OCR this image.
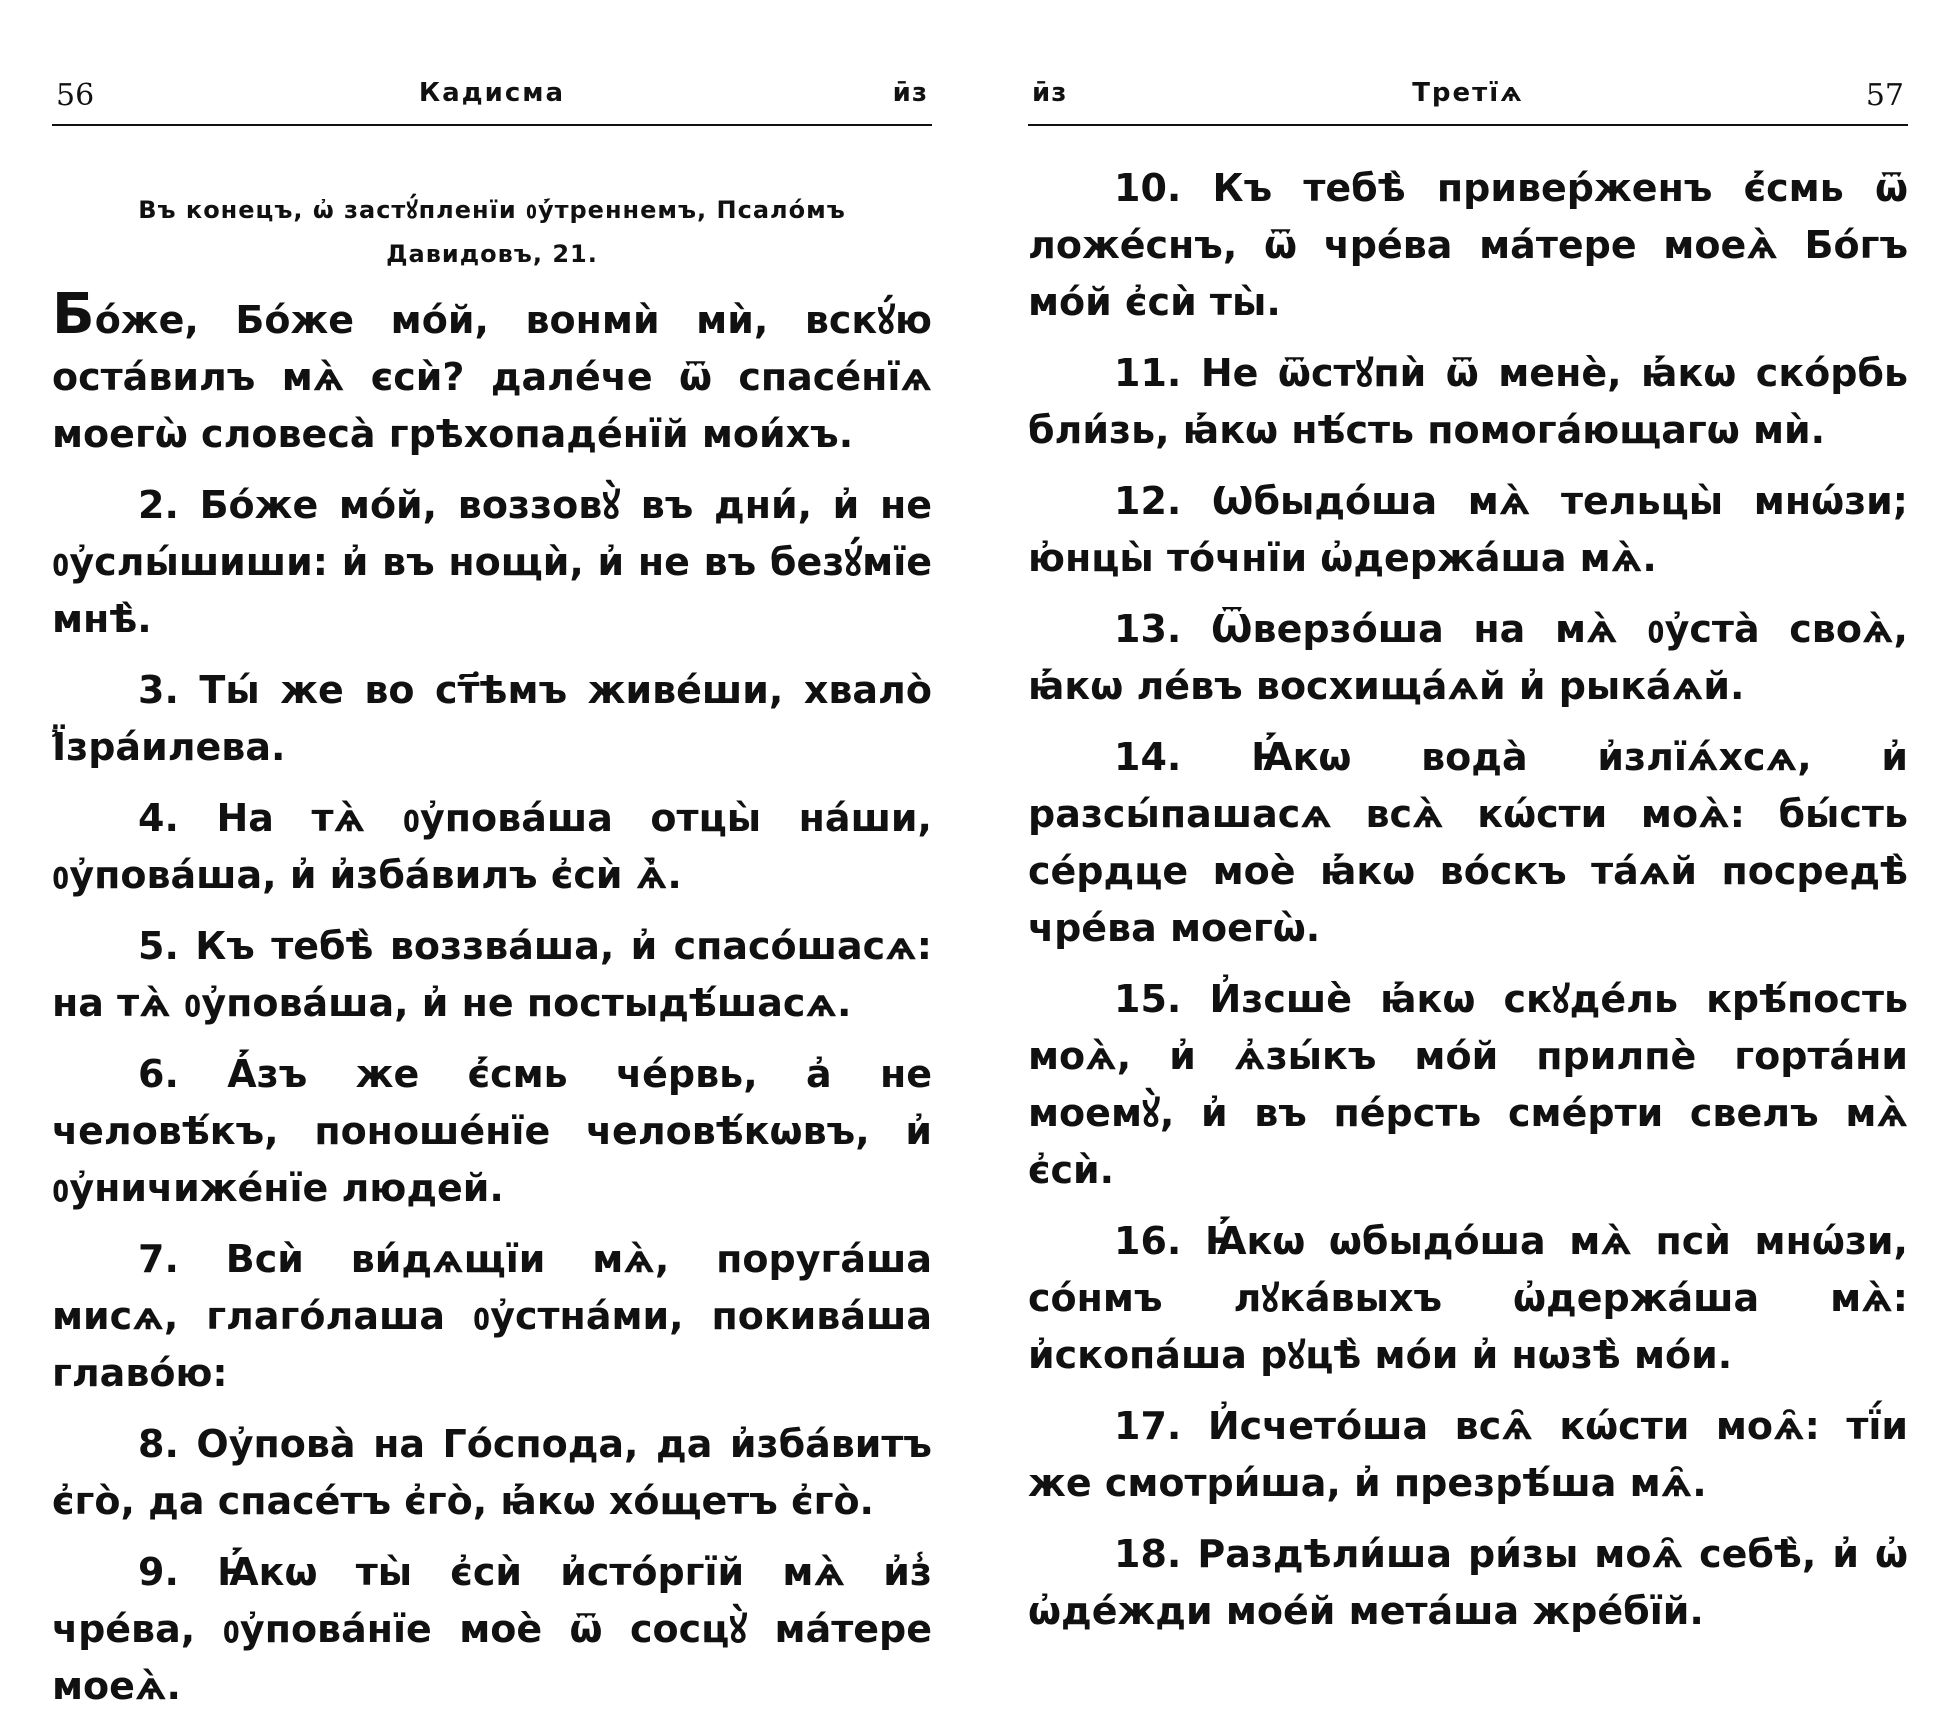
56	Кадисма	ӣз
Въ конецъ, ѡ҆ застꙋ́пленїи ᲂу҆́треннемъ, Псало́мъ
Давидовъ, 21.

Бо́же, Бо́же мо́й, вонмѝ мѝ, вскꙋ́ю оста́вилъ мѧ̀ єсѝ? дале́че ѿ спасе́нїѧ моегѡ̀ словеса̀ грѣхопаде́нїй мои́хъ.

2. Бо́же мо́й, воззовꙋ̀ въ дни́, и҆ не ᲂу҆слы́шиши: и҆ въ нощѝ, и҆ не въ безꙋ́мїе мнѣ̀.

3. Ты́ же во ст҃ѣмъ живе́ши, хвало̀ Ї҆зра́илева.

4. На тѧ̀ ᲂу҆пова́ша отцы̀ на́ши, ᲂу҆пова́ша, и҆ и҆зба́вилъ є҆сѝ ѧ҆̀.

5. Къ тебѣ̀ воззва́ша, и҆ спасо́шасѧ: на тѧ̀ ᲂу҆пова́ша, и҆ не постыдѣ́шасѧ.

6. А҆́зъ же є҆́смь че́рвь, а҆ не человѣ́къ, поноше́нїе человѣ́кѡвъ, и҆ ᲂу҆ничиже́нїе людей.

7. Всѝ ви́дѧщїи мѧ̀, поруга́ша мисѧ, глаго́лаша ᲂу҆стна́ми, покива́ша главо́ю:

8. Оу҆пова̀ на Го́спода, да и҆зба́витъ є҆го̀, да спасе́тъ є҆го̀, ꙗ҆́кѡ хо́щетъ є҆го̀.

9. Ꙗ҆́кѡ ты̀ є҆сѝ и҆сто́ргїй мѧ̀ и҆з̾ чре́ва, ᲂу҆пова́нїе моѐ ѿ сосцꙋ̀ ма́тере моеѧ̀.

ӣз	Третїѧ	57

10. Къ тебѣ̀ привер́женъ є҆́смь ѿ ложе́снъ, ѿ чре́ва ма́тере моеѧ̀ Бо́гъ мо́й є҆сѝ ты̀.

11. Не ѿстꙋпѝ ѿ менѐ, ꙗ҆́кѡ ско́рбь бли́зь, ꙗ҆́кѡ нѣ́сть помога́ющагѡ мѝ.

12. Ѡбыдо́ша мѧ̀ тельцы̀ мнѡ́зи; ю҆нцы̀ то́чнїи ѡ҆держа́ша мѧ̀.

13. Ѿверзо́ша на мѧ̀ ᲂу҆ста̀ своѧ̀, ꙗ҆́кѡ ле́въ восхища́ѧй и҆ рыка́ѧй.

14. Ꙗ҆́кѡ вода̀ и҆злїѧ́хсѧ, и҆ разсы́пашасѧ всѧ̀ кѡ́сти моѧ̀: бы́сть се́рдце моѐ ꙗ҆́кѡ во́скъ та́ѧй посредѣ̀ чре́ва моегѡ̀.

15. И҆зсшѐ ꙗ҆́кѡ скꙋде́ль крѣ́пость моѧ̀, и҆ ѧ҆зы́къ мо́й прилпѐ горта́ни моемꙋ̀, и҆ въ пе́рсть сме́рти свелъ мѧ̀ є҆сѝ.

16. Ꙗ҆́кѡ ѡбыдо́ша мѧ̀ псѝ мнѡ́зи, со́нмъ лꙋка́выхъ ѡ҆держа́ша мѧ̀: и҆скопа́ша рꙋцѣ̀ мо́и и҆ нѡзѣ̀ мо́и.

17. И҆счето́ша всѧ̑ кѡ́сти моѧ̑: тї́и же смотри́ша, и҆ презрѣ́ша мѧ̑.

18. Раздѣли́ша ри́зы моѧ̑ себѣ̀, и҆ ѡ҆ ѡ҆де́жди мое́й мета́ша жре́бїй.
